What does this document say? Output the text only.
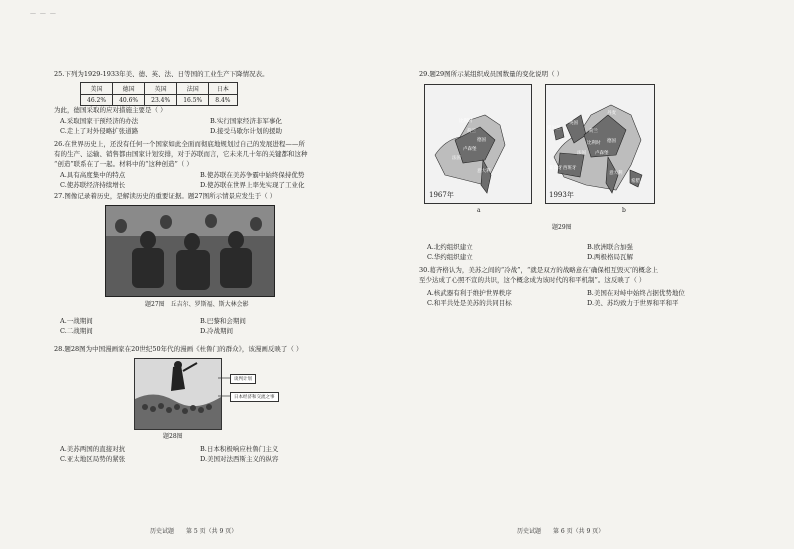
— — —
25.下列为1929-1933年美、德、英、法、日等国的工业生产下降情况表。
美国	德国	英国	法国	日本
46.2%	40.6%	23.4%	16.5%	8.4%
为此，德国采取的应对措施主要是（ ）
A.采取国家干预经济的办法	B.实行国家经济非军事化
C.走上了对外侵略扩张道路	D.接受马歇尔计划的援助
26.在世界历史上，还没有任何一个国家如此全面而彻底地规划过自己的发展进程——所
有的生产、运输、销售都由国家计划安排，对于苏联而言，它未来几十年的关键都和这种
“创造”联系在了一起。材料中的“这种创造”（ ）
A.具有高度集中的特点	B.使苏联在美苏争霸中始终保持优势
C.使苏联经济持续增长	D.使苏联在世界上率先实现了工业化
27.图像记录着历史，是解读历史的重要证据。题27图所示情景应发生于（ ）
题27图　丘吉尔、罗斯福、斯大林会影
A.一战期间	B.巴黎和会期间
C.二战期间	D.冷战期间
28.题28图为中国漫画家在20世纪50年代的漫画《杜鲁门的群众》，该漫画反映了（ ）
谈判计划
日本经济和交流之事
题28图
A.美苏两国的直接对抗	B.日本积极响应杜鲁门主义
C.亚太地区局势的紧张	D.美国对法西斯主义的纵容
历史试题　　第 5 页（共 9 页）
29.题29图所示某组织成员国数量的变化说明（ ）
比利时
荷兰
德国
卢森堡
法国
意大利
1967年
丹麦
爱尔兰
英国
荷兰
德国
比利时
法国 卢森堡
葡萄牙 西班牙
意大利
希腊
1993年
a	b
题29图
A.北约组织建立	B.欧洲联合加强
C.华约组织建立	D.两极格局瓦解
30.葛齐格认为，美苏之间的“冷战”，“就是双方的战略意在‘确保相互毁灭’的概念上
至少达成了心照不宣的共识，这个概念成为该时代的和平机制”。这反映了（ ）
A.核武器有利于维护世界秩序	B.美国在对峙中始终占据优势地位
C.和平共处是美苏的共同目标	D.美、苏均致力于世界和平和平
历史试题　　第 6 页（共 9 页）
